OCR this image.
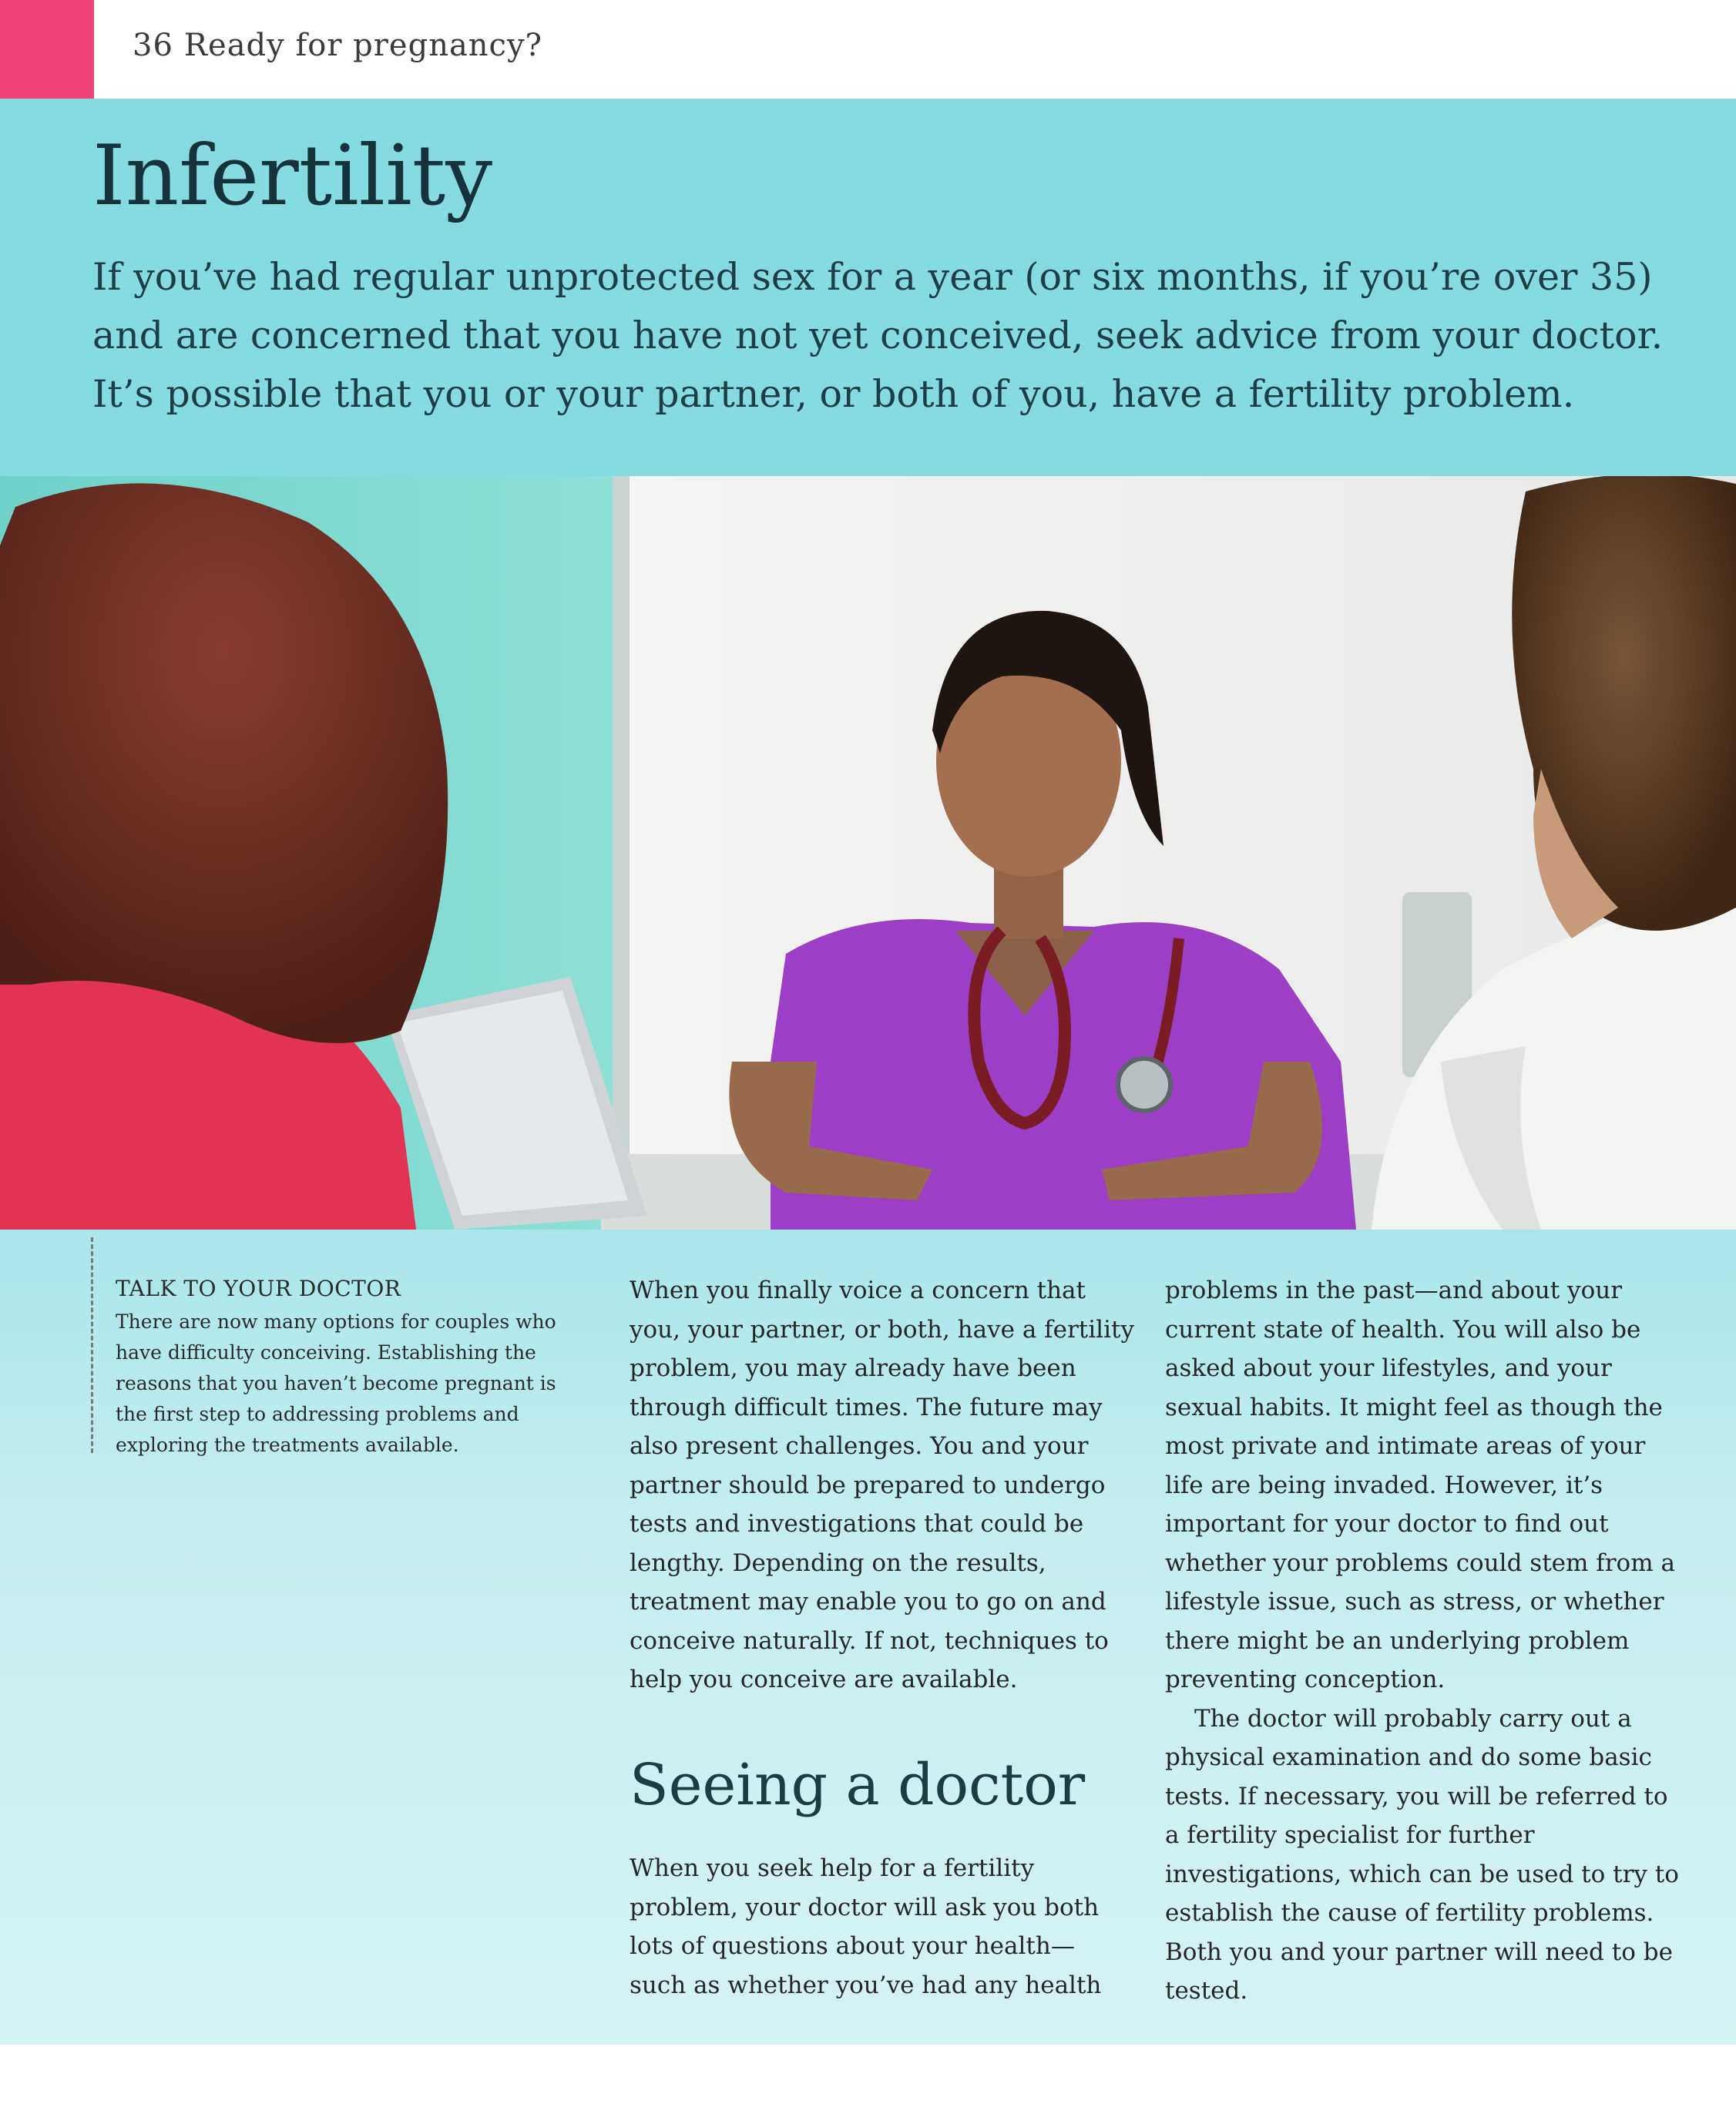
36 Ready for pregnancy?
Infertility
If you’ve had regular unprotected sex for a year (or six months, if you’re over 35) and are concerned that you have not yet conceived, seek advice from your doctor. It’s possible that you or your partner, or both of you, have a fertility problem.
TALK TO YOUR DOCTOR
There are now many options for couples who have difficulty conceiving. Establishing the reasons that you haven’t become pregnant is the first step to addressing problems and exploring the treatments available.

When you finally voice a concern that you, your partner, or both, have a fertility problem, you may already have been through difficult times. The future may also present challenges. You and your partner should be prepared to undergo tests and investigations that could be lengthy. Depending on the results, treatment may enable you to go on and conceive naturally. If not, techniques to help you conceive are available.

Seeing a doctor

When you seek help for a fertility problem, your doctor will ask you both lots of questions about your health— such as whether you’ve had any health

problems in the past—and about your current state of health. You will also be asked about your lifestyles, and your sexual habits. It might feel as though the most private and intimate areas of your life are being invaded. However, it’s important for your doctor to find out whether your problems could stem from a lifestyle issue, such as stress, or whether there might be an underlying problem preventing conception.

The doctor will probably carry out a physical examination and do some basic tests. If necessary, you will be referred to a fertility specialist for further investigations, which can be used to try to establish the cause of fertility problems. Both you and your partner will need to be tested.
